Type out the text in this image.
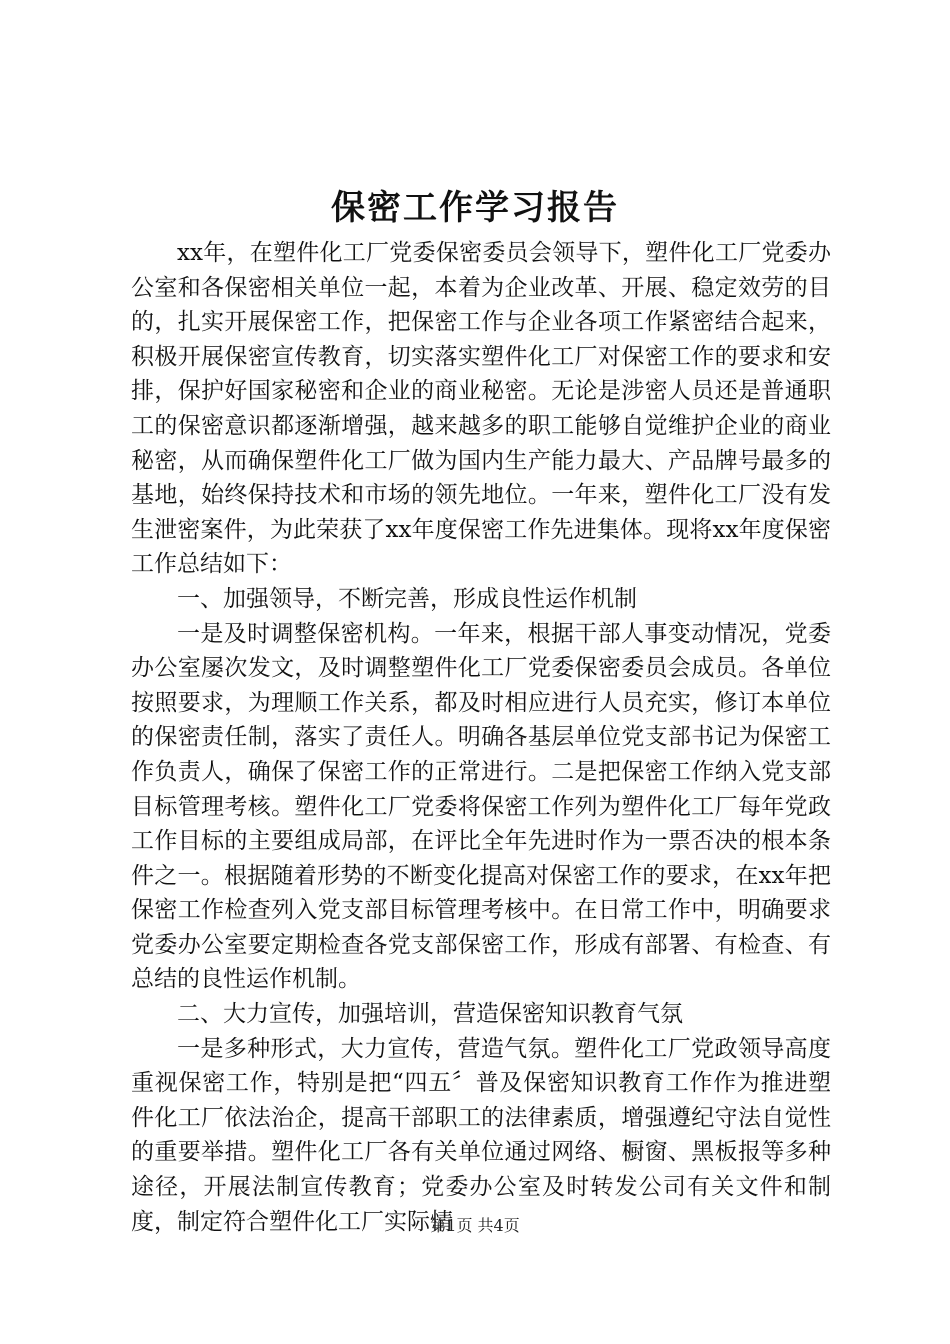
保密工作学习报告

xx年，在塑件化工厂党委保密委员会领导下，塑件化工厂党委办公室和各保密相关单位一起，本着为企业改革、开展、稳定效劳的目的，扎实开展保密工作，把保密工作与企业各项工作紧密结合起来，积极开展保密宣传教育，切实落实塑件化工厂对保密工作的要求和安排，保护好国家秘密和企业的商业秘密。无论是涉密人员还是普通职工的保密意识都逐渐增强，越来越多的职工能够自觉维护企业的商业秘密，从而确保塑件化工厂做为国内生产能力最大、产品牌号最多的基地，始终保持技术和市场的领先地位。一年来，塑件化工厂没有发生泄密案件，为此荣获了xx年度保密工作先进集体。现将xx年度保密工作总结如下：

一、加强领导，不断完善，形成良性运作机制

一是及时调整保密机构。一年来，根据干部人事变动情况，党委办公室屡次发文，及时调整塑件化工厂党委保密委员会成员。各单位按照要求，为理顺工作关系，都及时相应进行人员充实，修订本单位的保密责任制，落实了责任人。明确各基层单位党支部书记为保密工作负责人，确保了保密工作的正常进行。二是把保密工作纳入党支部目标管理考核。塑件化工厂党委将保密工作列为塑件化工厂每年党政工作目标的主要组成局部，在评比全年先进时作为一票否决的根本条件之一。根据随着形势的不断变化提高对保密工作的要求，在xx年把保密工作检查列入党支部目标管理考核中。在日常工作中，明确要求党委办公室要定期检查各党支部保密工作，形成有部署、有检查、有总结的良性运作机制。

二、大力宣传，加强培训，营造保密知识教育气氛

一是多种形式，大力宣传，营造气氛。塑件化工厂党政领导高度重视保密工作，特别是把“四五〞普及保密知识教育工作作为推进塑件化工厂依法治企，提高干部职工的法律素质，增强遵纪守法自觉性的重要举措。塑件化工厂各有关单位通过网络、橱窗、黑板报等多种途径，开展法制宣传教育；党委办公室及时转发公司有关文件和制度，制定符合塑件化工厂实际情

第1页 共4页
